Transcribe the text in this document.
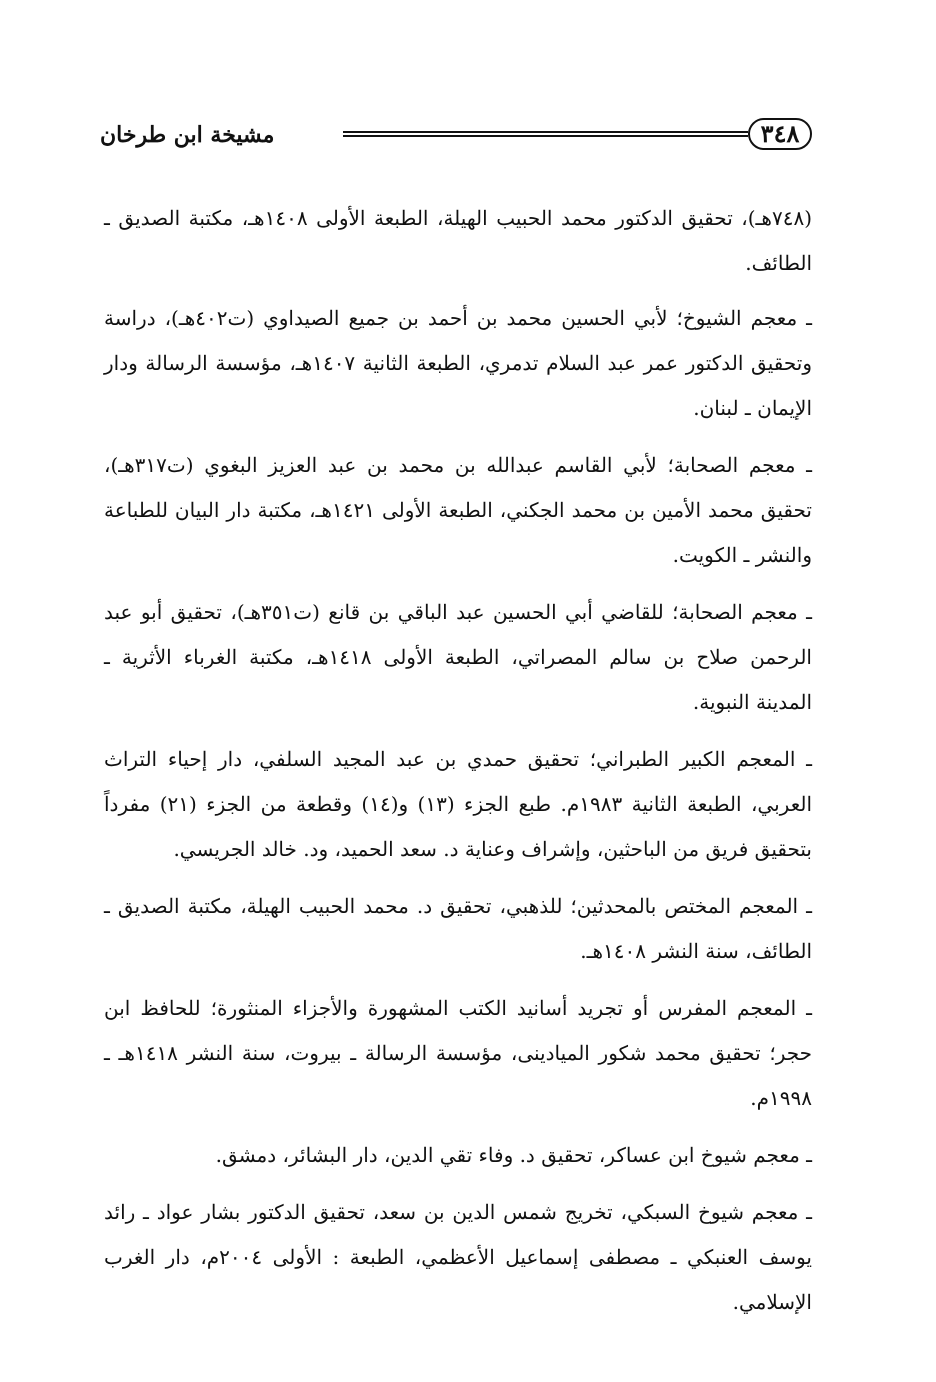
٣٤٨
مشيخة ابن طرخان

(٧٤٨هـ)، تحقيق الدكتور محمد الحبيب الهيلة، الطبعة الأولى ١٤٠٨هـ، مكتبة الصديق ـ الطائف.

ـ معجم الشيوخ؛ لأبي الحسين محمد بن أحمد بن جميع الصيداوي (ت٤٠٢هـ)، دراسة وتحقيق الدكتور عمر عبد السلام تدمري، الطبعة الثانية ١٤٠٧هـ، مؤسسة الرسالة ودار الإيمان ـ لبنان.

ـ معجم الصحابة؛ لأبي القاسم عبدالله بن محمد بن عبد العزيز البغوي (ت٣١٧هـ)، تحقيق محمد الأمين بن محمد الجكني، الطبعة الأولى ١٤٢١هـ، مكتبة دار البيان للطباعة والنشر ـ الكويت.

ـ معجم الصحابة؛ للقاضي أبي الحسين عبد الباقي بن قانع (ت٣٥١هـ)، تحقيق أبو عبد الرحمن صلاح بن سالم المصراتي، الطبعة الأولى ١٤١٨هـ، مكتبة الغرباء الأثرية ـ المدينة النبوية.

ـ المعجم الكبير الطبراني؛ تحقيق حمدي بن عبد المجيد السلفي، دار إحياء التراث العربي، الطبعة الثانية ١٩٨٣م. طبع الجزء (١٣) و(١٤) وقطعة من الجزء (٢١) مفرداً بتحقيق فريق من الباحثين، وإشراف وعناية د. سعد الحميد، ود. خالد الجريسي.

ـ المعجم المختص بالمحدثين؛ للذهبي، تحقيق د. محمد الحبيب الهيلة، مكتبة الصديق ـ الطائف، سنة النشر ١٤٠٨هـ.

ـ المعجم المفرس أو تجريد أسانيد الكتب المشهورة والأجزاء المنثورة؛ للحافظ ابن حجر؛ تحقيق محمد شكور الميادينى، مؤسسة الرسالة ـ بيروت، سنة النشر ١٤١٨هـ ـ ١٩٩٨م.

ـ معجم شيوخ ابن عساكر، تحقيق د. وفاء تقي الدين، دار البشائر، دمشق.

ـ معجم شيوخ السبكي، تخريج شمس الدين بن سعد، تحقيق الدكتور بشار عواد ـ رائد يوسف العنبكي ـ مصطفى إسماعيل الأعظمي، الطبعة : الأولى ٢٠٠٤م، دار الغرب الإسلامي.
